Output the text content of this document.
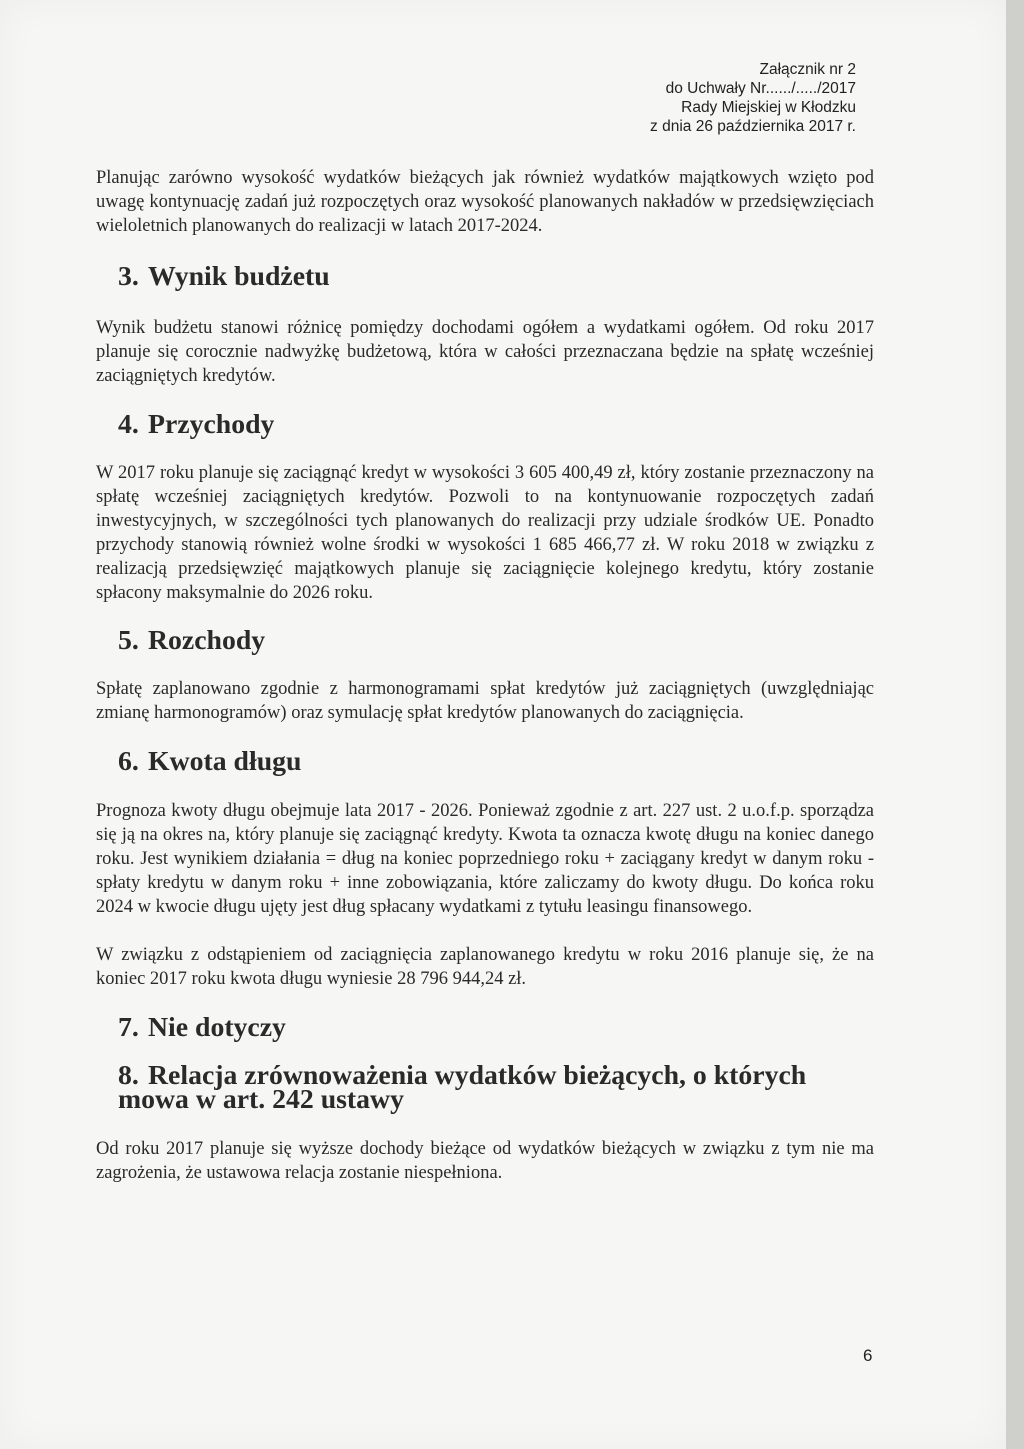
Załącznik nr 2
do Uchwały Nr....../...../2017
Rady Miejskiej w Kłodzku
z dnia 26 października 2017 r.

Planując zarówno wysokość wydatków bieżących jak również wydatków majątkowych wzięto pod uwagę kontynuację zadań już rozpoczętych oraz wysokość planowanych nakładów w przedsięwzięciach wieloletnich planowanych do realizacji w latach 2017-2024.

3. Wynik budżetu

Wynik budżetu stanowi różnicę pomiędzy dochodami ogółem a wydatkami ogółem. Od roku 2017 planuje się corocznie nadwyżkę budżetową, która w całości przeznaczana będzie na spłatę wcześniej zaciągniętych kredytów.

4. Przychody

W 2017 roku planuje się zaciągnąć kredyt w wysokości 3 605 400,49 zł, który zostanie przeznaczony na spłatę wcześniej zaciągniętych kredytów. Pozwoli to na kontynuowanie rozpoczętych zadań inwestycyjnych, w szczególności tych planowanych do realizacji przy udziale środków UE. Ponadto przychody stanowią również wolne środki w wysokości 1 685 466,77 zł. W roku 2018 w związku z realizacją przedsięwzięć majątkowych planuje się zaciągnięcie kolejnego kredytu, który zostanie spłacony maksymalnie do 2026 roku.

5. Rozchody

Spłatę zaplanowano zgodnie z harmonogramami spłat kredytów już zaciągniętych (uwzględniając zmianę harmonogramów) oraz symulację spłat kredytów planowanych do zaciągnięcia.

6. Kwota długu

Prognoza kwoty długu obejmuje lata 2017 - 2026. Ponieważ zgodnie z art. 227 ust. 2 u.o.f.p. sporządza się ją na okres na, który planuje się zaciągnąć kredyty. Kwota ta oznacza kwotę długu na koniec danego roku. Jest wynikiem działania = dług na koniec poprzedniego roku + zaciągany kredyt w danym roku - spłaty kredytu w danym roku + inne zobowiązania, które zaliczamy do kwoty długu. Do końca roku 2024 w kwocie długu ujęty jest dług spłacany wydatkami z tytułu leasingu finansowego.

W związku z odstąpieniem od zaciągnięcia zaplanowanego kredytu w roku 2016 planuje się, że na koniec 2017 roku kwota długu wyniesie 28 796 944,24 zł.

7. Nie dotyczy
8. Relacja zrównoważenia wydatków bieżących, o których mowa w art. 242 ustawy

Od roku 2017 planuje się wyższe dochody bieżące od wydatków bieżących w związku z tym nie ma zagrożenia, że ustawowa relacja zostanie niespełniona.

6
